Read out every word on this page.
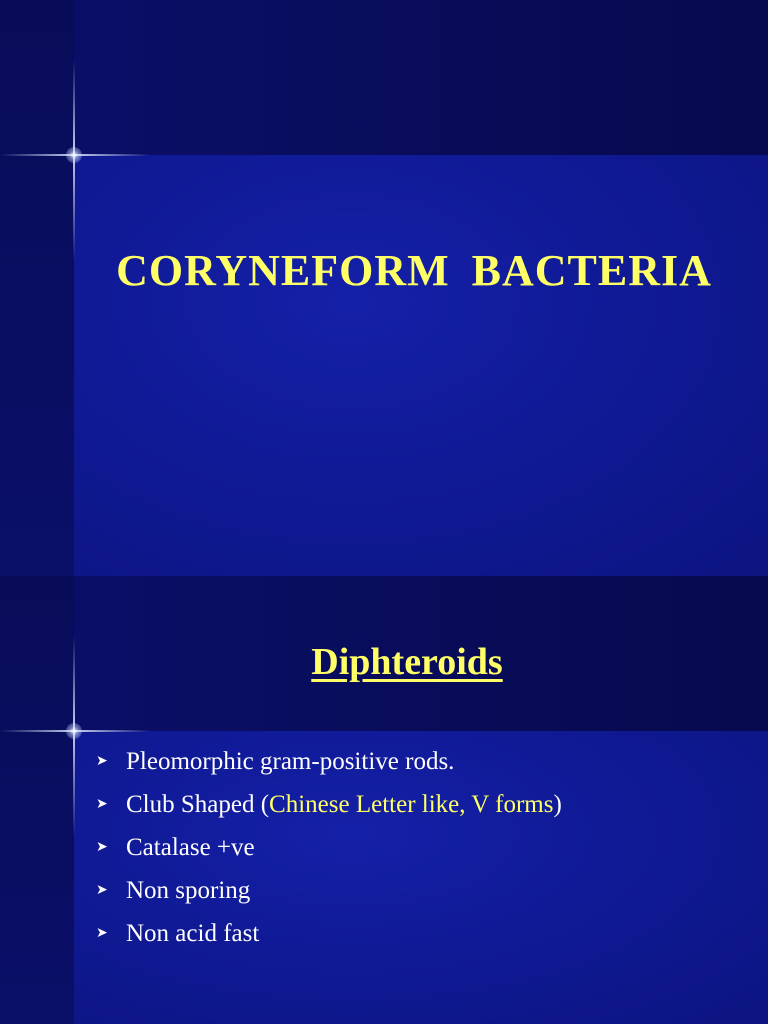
CORYNEFORM BACTERIA
Diphteroids
➤ Pleomorphic gram-positive rods.
➤ Club Shaped (Chinese Letter like, V forms)
➤ Catalase +ve
➤ Non sporing
➤ Non acid fast
